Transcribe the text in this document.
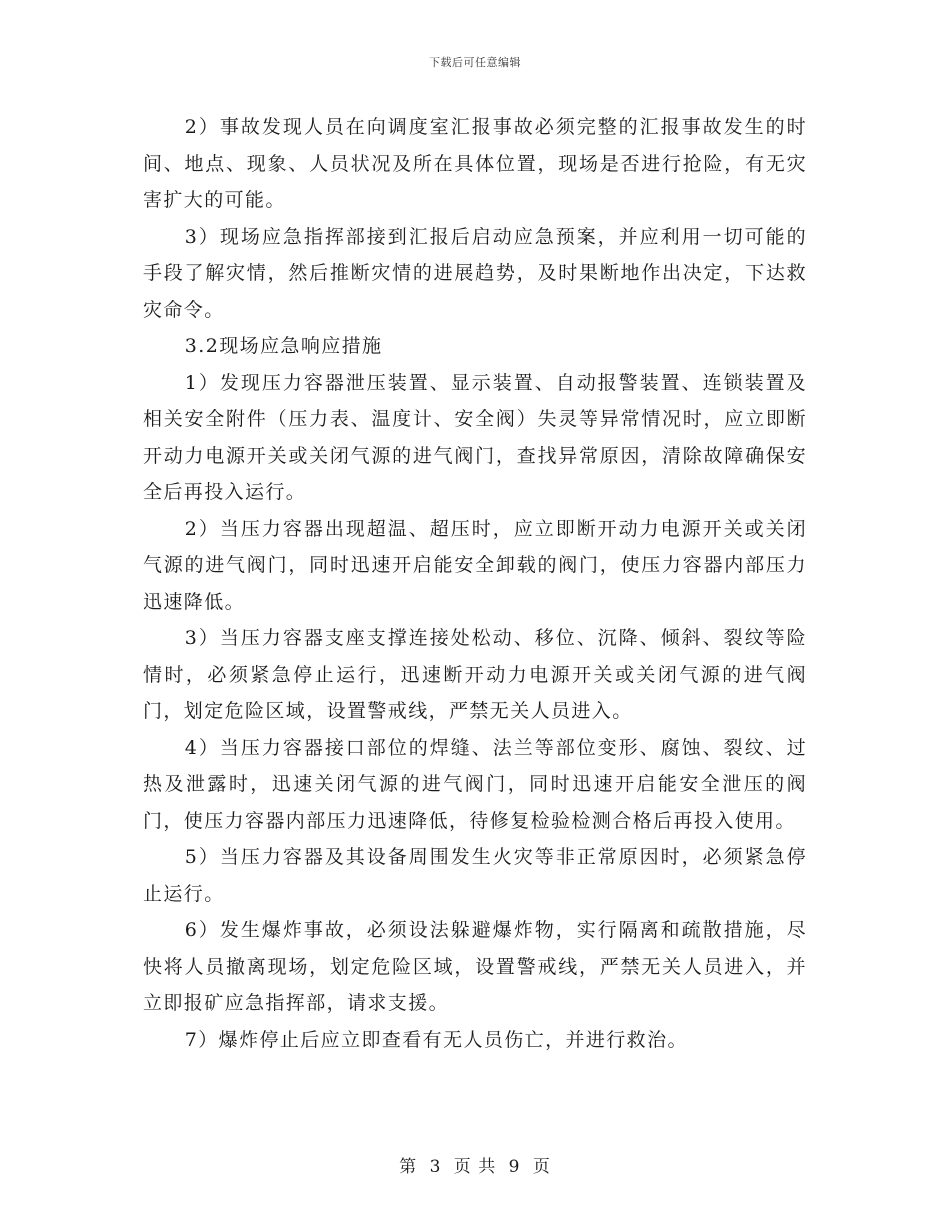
下载后可任意编辑

2）事故发现人员在向调度室汇报事故必须完整的汇报事故发生的时间、地点、现象、人员状况及所在具体位置，现场是否进行抢险，有无灾害扩大的可能。

3）现场应急指挥部接到汇报后启动应急预案，并应利用一切可能的手段了解灾情，然后推断灾情的进展趋势，及时果断地作出决定，下达救灾命令。

3.2现场应急响应措施

1）发现压力容器泄压装置、显示装置、自动报警装置、连锁装置及相关安全附件（压力表、温度计、安全阀）失灵等异常情况时，应立即断开动力电源开关或关闭气源的进气阀门，查找异常原因，清除故障确保安全后再投入运行。

2）当压力容器出现超温、超压时，应立即断开动力电源开关或关闭气源的进气阀门，同时迅速开启能安全卸载的阀门，使压力容器内部压力迅速降低。

3）当压力容器支座支撑连接处松动、移位、沉降、倾斜、裂纹等险情时，必须紧急停止运行，迅速断开动力电源开关或关闭气源的进气阀门，划定危险区域，设置警戒线，严禁无关人员进入。

4）当压力容器接口部位的焊缝、法兰等部位变形、腐蚀、裂纹、过热及泄露时，迅速关闭气源的进气阀门，同时迅速开启能安全泄压的阀门，使压力容器内部压力迅速降低，待修复检验检测合格后再投入使用。

5）当压力容器及其设备周围发生火灾等非正常原因时，必须紧急停止运行。

6）发生爆炸事故，必须设法躲避爆炸物，实行隔离和疏散措施，尽快将人员撤离现场，划定危险区域，设置警戒线，严禁无关人员进入，并立即报矿应急指挥部，请求支援。

7）爆炸停止后应立即查看有无人员伤亡，并进行救治。

第 3 页 共 9 页
